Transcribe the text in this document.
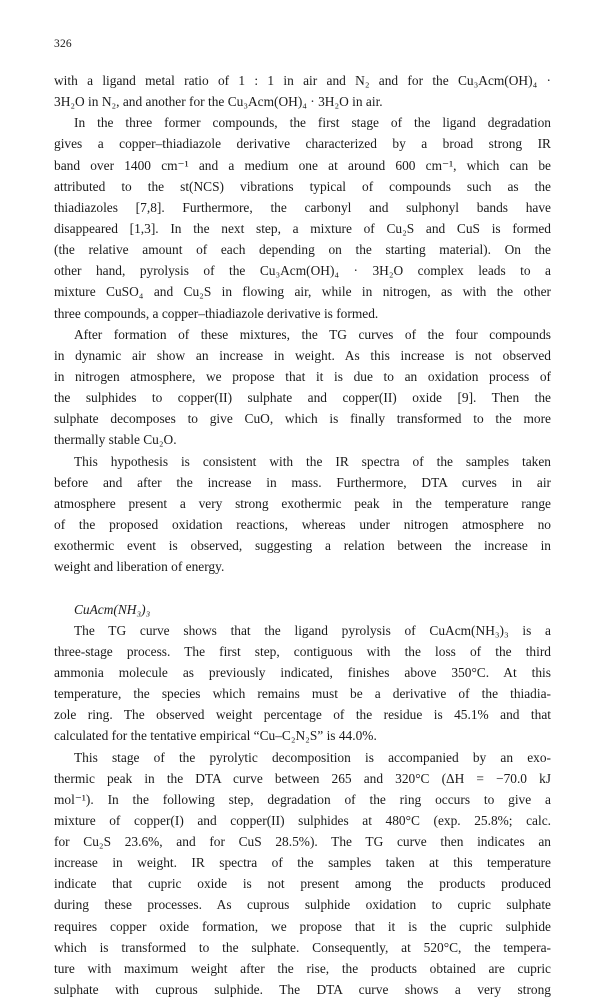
326
with a ligand metal ratio of 1 : 1 in air and N₂ and for the Cu₃Acm(OH)₄ ·
3H₂O in N₂, and another for the Cu₃Acm(OH)₄ · 3H₂O in air.
In the three former compounds, the first stage of the ligand degradation
gives a copper–thiadiazole derivative characterized by a broad strong IR
band over 1400 cm⁻¹ and a medium one at around 600 cm⁻¹, which can be
attributed to the st(NCS) vibrations typical of compounds such as the
thiadiazoles [7,8]. Furthermore, the carbonyl and sulphonyl bands have
disappeared [1,3]. In the next step, a mixture of Cu₂S and CuS is formed
(the relative amount of each depending on the starting material). On the
other hand, pyrolysis of the Cu₃Acm(OH)₄ · 3H₂O complex leads to a
mixture CuSO₄ and Cu₂S in flowing air, while in nitrogen, as with the other
three compounds, a copper–thiadiazole derivative is formed.
After formation of these mixtures, the TG curves of the four compounds
in dynamic air show an increase in weight. As this increase is not observed
in nitrogen atmosphere, we propose that it is due to an oxidation process of
the sulphides to copper(II) sulphate and copper(II) oxide [9]. Then the
sulphate decomposes to give CuO, which is finally transformed to the more
thermally stable Cu₂O.
This hypothesis is consistent with the IR spectra of the samples taken
before and after the increase in mass. Furthermore, DTA curves in air
atmosphere present a very strong exothermic peak in the temperature range
of the proposed oxidation reactions, whereas under nitrogen atmosphere no
exothermic event is observed, suggesting a relation between the increase in
weight and liberation of energy.
CuAcm(NH₃)₃
The TG curve shows that the ligand pyrolysis of CuAcm(NH₃)₃ is a
three-stage process. The first step, contiguous with the loss of the third
ammonia molecule as previously indicated, finishes above 350°C. At this
temperature, the species which remains must be a derivative of the thiadia-
zole ring. The observed weight percentage of the residue is 45.1% and that
calculated for the tentative empirical “Cu–C₂N₂S” is 44.0%.
This stage of the pyrolytic decomposition is accompanied by an exo-
thermic peak in the DTA curve between 265 and 320°C (ΔH = −70.0 kJ
mol⁻¹). In the following step, degradation of the ring occurs to give a
mixture of copper(I) and copper(II) sulphides at 480°C (exp. 25.8%; calc.
for Cu₂S 23.6%, and for CuS 28.5%). The TG curve then indicates an
increase in weight. IR spectra of the samples taken at this temperature
indicate that cupric oxide is not present among the products produced
during these processes. As cuprous sulphide oxidation to cupric sulphate
requires copper oxide formation, we propose that it is the cupric sulphide
which is transformed to the sulphate. Consequently, at 520°C, the tempera-
ture with maximum weight after the rise, the products obtained are cupric
sulphate with cuprous sulphide. The DTA curve shows a very strong
